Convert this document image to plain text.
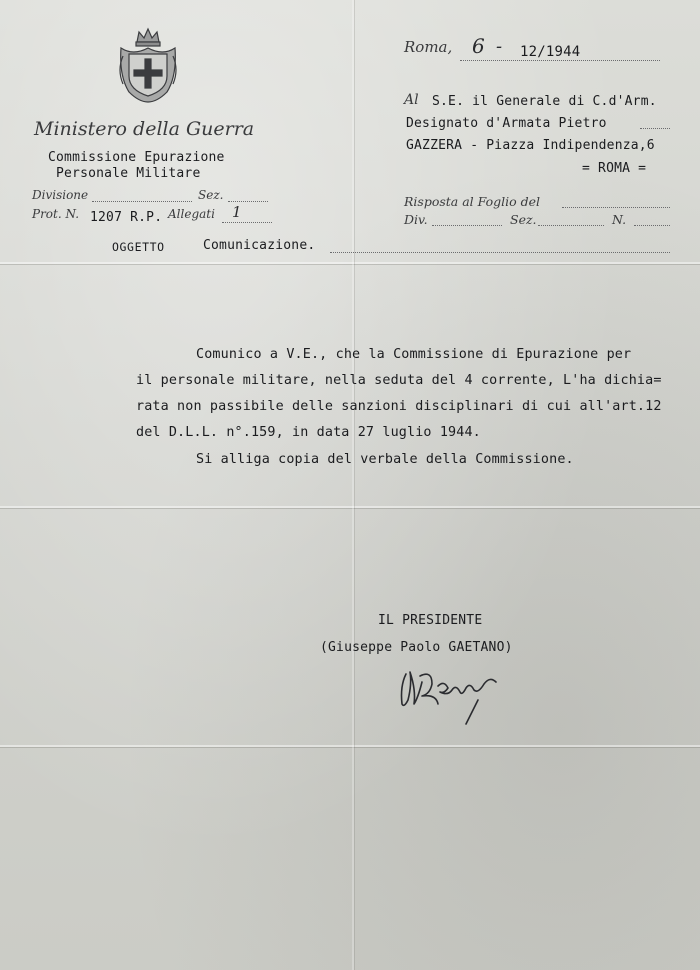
Ministero della Guerra
Commissione Epurazione
Personale Militare
Divisione	Sez.
Prot. N. 1207 R.P. Allegati 1
OGGETTO	Comunicazione.
Roma, 6 - 12/1944
Al S.E. il Generale di C.d'Arm.
Designato d'Armata Pietro
GAZZERA - Piazza Indipendenza,6
= ROMA =
Risposta al Foglio del
Div.	Sez.	N.
Comunico a V.E., che la Commissione di Epurazione per
il personale militare, nella seduta del 4 corrente, L'ha dichia=
rata non passibile delle sanzioni disciplinari di cui all'art.12
del D.L.L. n°.159, in data 27 luglio 1944.
Si alliga copia del verbale della Commissione.
IL PRESIDENTE
(Giuseppe Paolo GAETANO)
